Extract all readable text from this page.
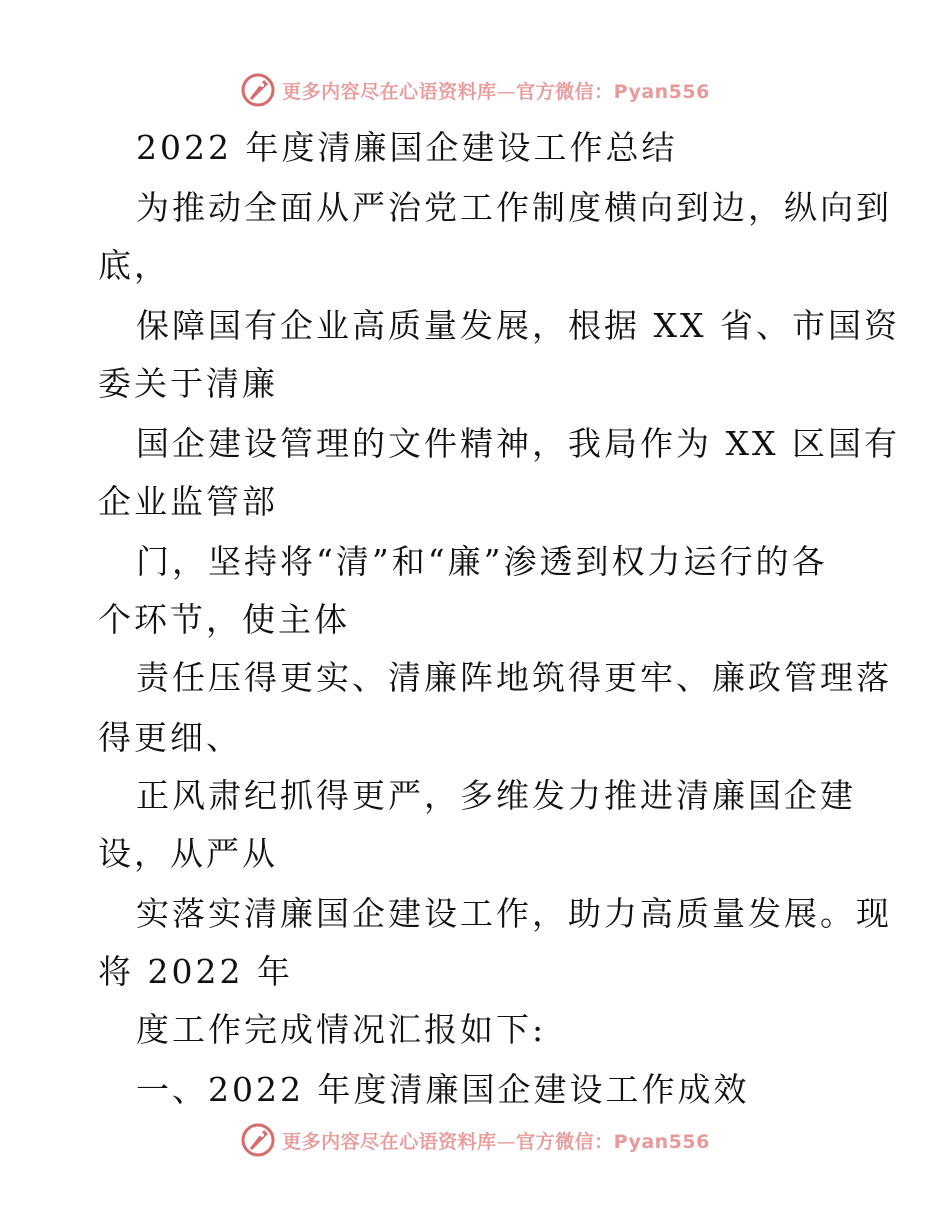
更多内容尽在心语资料库—官方微信：Pyan556
2022 年度清廉国企建设工作总结
为推动全面从严治党工作制度横向到边，纵向到
底，
保障国有企业高质量发展，根据 XX 省、市国资
委关于清廉
国企建设管理的文件精神，我局作为 XX 区国有
企业监管部
门，坚持将“清”和“廉”渗透到权力运行的各
个环节，使主体
责任压得更实、清廉阵地筑得更牢、廉政管理落
得更细、
正风肃纪抓得更严，多维发力推进清廉国企建
设，从严从
实落实清廉国企建设工作，助力高质量发展。现
将 2022 年
度工作完成情况汇报如下:
一、2022 年度清廉国企建设工作成效
更多内容尽在心语资料库—官方微信：Pyan556
